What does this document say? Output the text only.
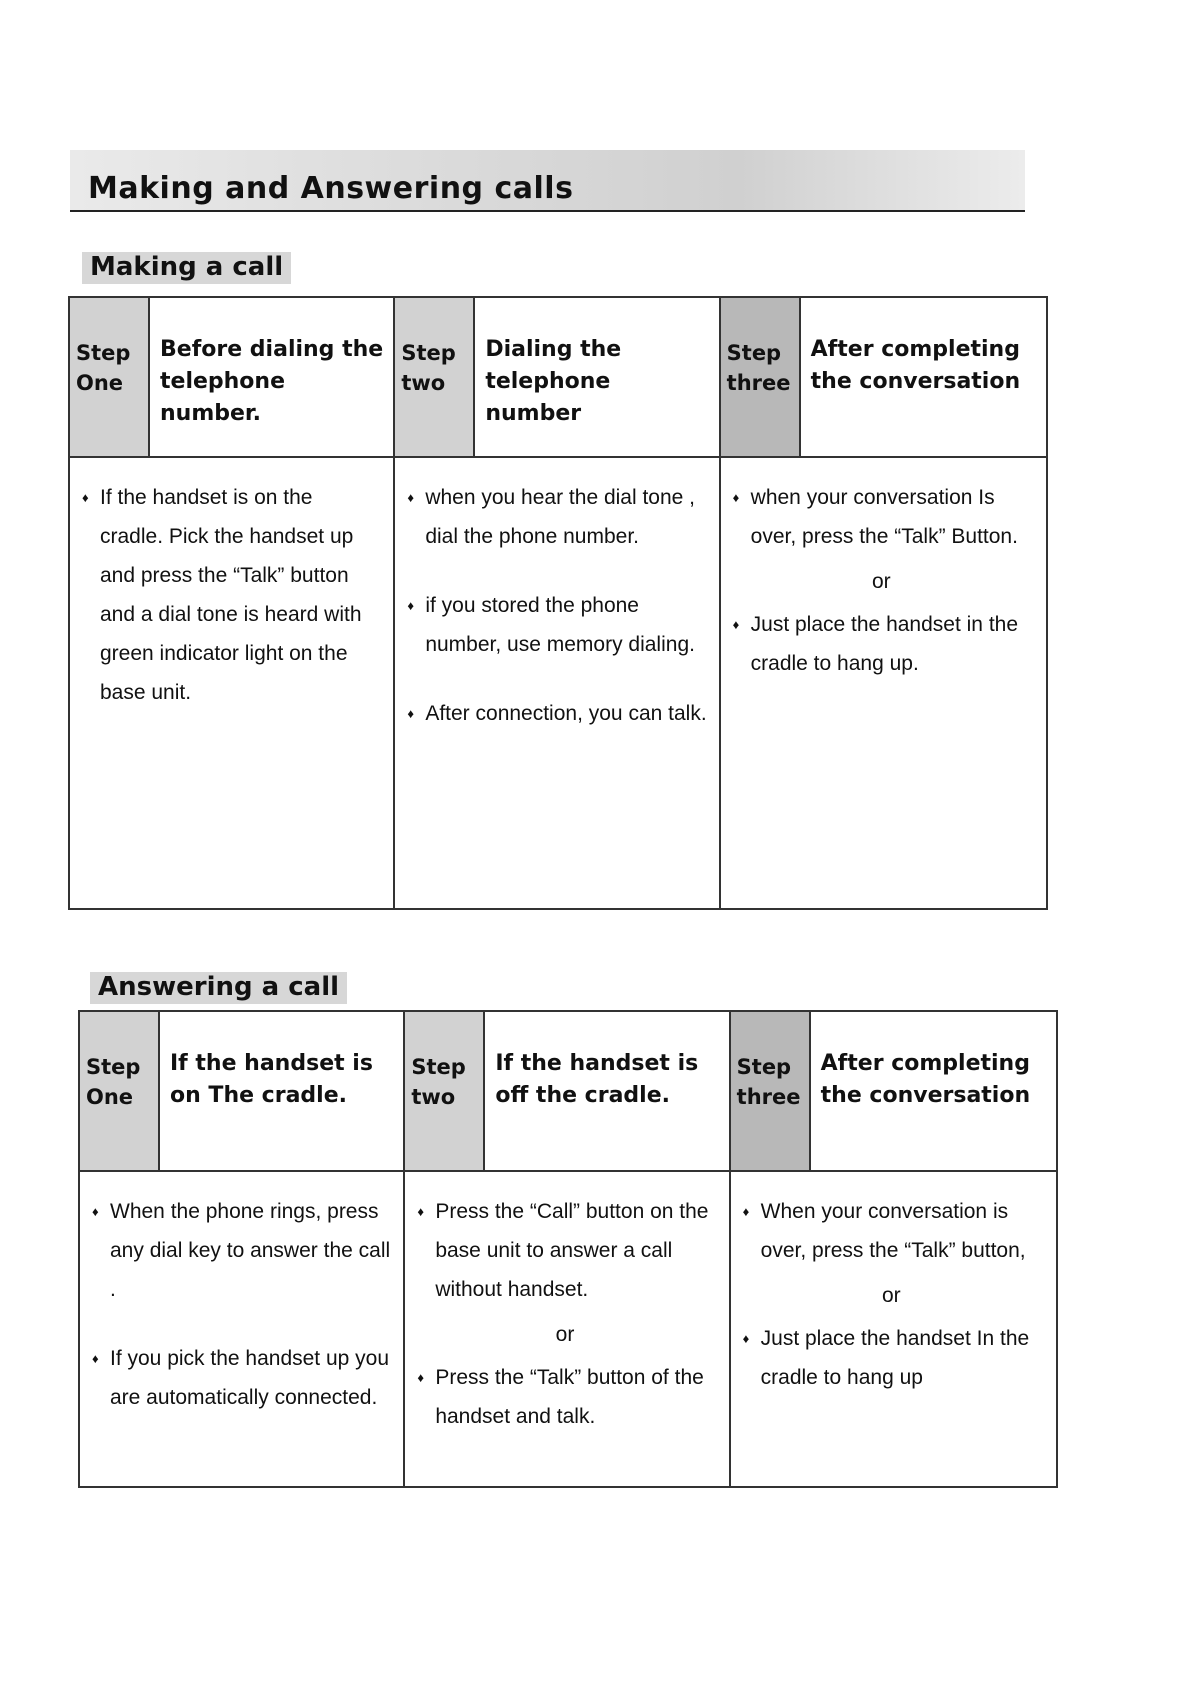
Making and Answering calls
Making a call
Step One
Before dialing the telephone number.
♦ If the handset is on the cradle. Pick the handset up and press the “Talk” button and a dial tone is heard with green indicator light on the base unit.
Step two
Dialing the telephone number
♦ when you hear the dial tone , dial the phone number.
♦ if you stored the phone number, use memory dialing.
♦ After connection, you can talk.
Step three
After completing the conversation
♦ when your conversation Is over, press the “Talk” Button.
or
♦ Just place the handset in the cradle to hang up.
Answering a call
Step One
If the handset is on The cradle.
♦ When the phone rings, press any dial key to answer the call .
♦ If you pick the handset up you are automatically connected.
Step two
If the handset is off the cradle.
♦ Press the “Call” button on the base unit to answer a call without handset.
or
♦ Press the “Talk” button of the handset and talk.
Step three
After completing the conversation
♦ When your conversation is over, press the “Talk” button,
or
♦ Just place the handset In the cradle to hang up
